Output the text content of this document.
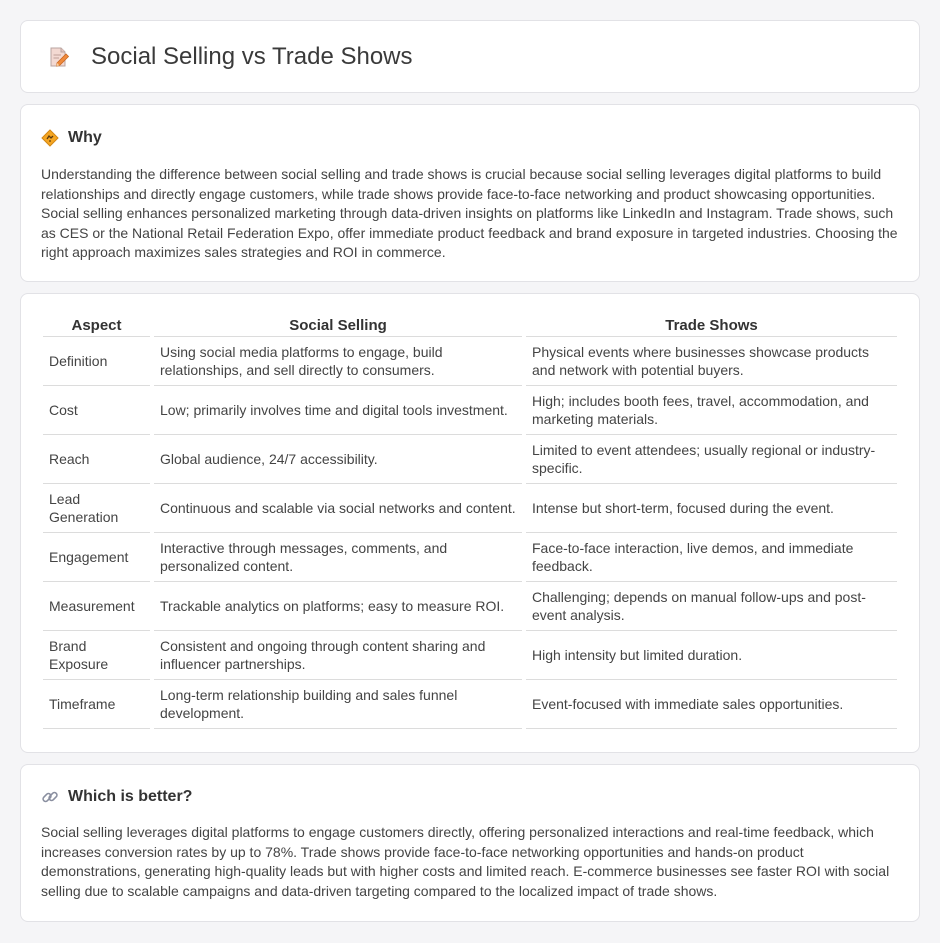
Social Selling vs Trade Shows
Why

Understanding the difference between social selling and trade shows is crucial because social selling leverages digital platforms to build relationships and directly engage customers, while trade shows provide face-to-face networking and product showcasing opportunities. Social selling enhances personalized marketing through data-driven insights on platforms like LinkedIn and Instagram. Trade shows, such as CES or the National Retail Federation Expo, offer immediate product feedback and brand exposure in targeted industries. Choosing the right approach maximizes sales strategies and ROI in commerce.

Aspect		Social Selling		Trade Shows
Definition		Using social media platforms to engage, build relationships, and sell directly to consumers.		Physical events where businesses showcase products and network with potential buyers.
Cost		Low; primarily involves time and digital tools investment.		High; includes booth fees, travel, accommodation, and marketing materials.
Reach		Global audience, 24/7 accessibility.		Limited to event attendees; usually regional or industry-specific.
Lead Generation		Continuous and scalable via social networks and content.		Intense but short-term, focused during the event.
Engagement		Interactive through messages, comments, and personalized content.		Face-to-face interaction, live demos, and immediate feedback.
Measurement		Trackable analytics on platforms; easy to measure ROI.		Challenging; depends on manual follow-ups and post-event analysis.
Brand Exposure		Consistent and ongoing through content sharing and influencer partnerships.		High intensity but limited duration.
Timeframe		Long-term relationship building and sales funnel development.		Event-focused with immediate sales opportunities.
Which is better?

Social selling leverages digital platforms to engage customers directly, offering personalized interactions and real-time feedback, which increases conversion rates by up to 78%. Trade shows provide face-to-face networking opportunities and hands-on product demonstrations, generating high-quality leads but with higher costs and limited reach. E-commerce businesses see faster ROI with social selling due to scalable campaigns and data-driven targeting compared to the localized impact of trade shows.
